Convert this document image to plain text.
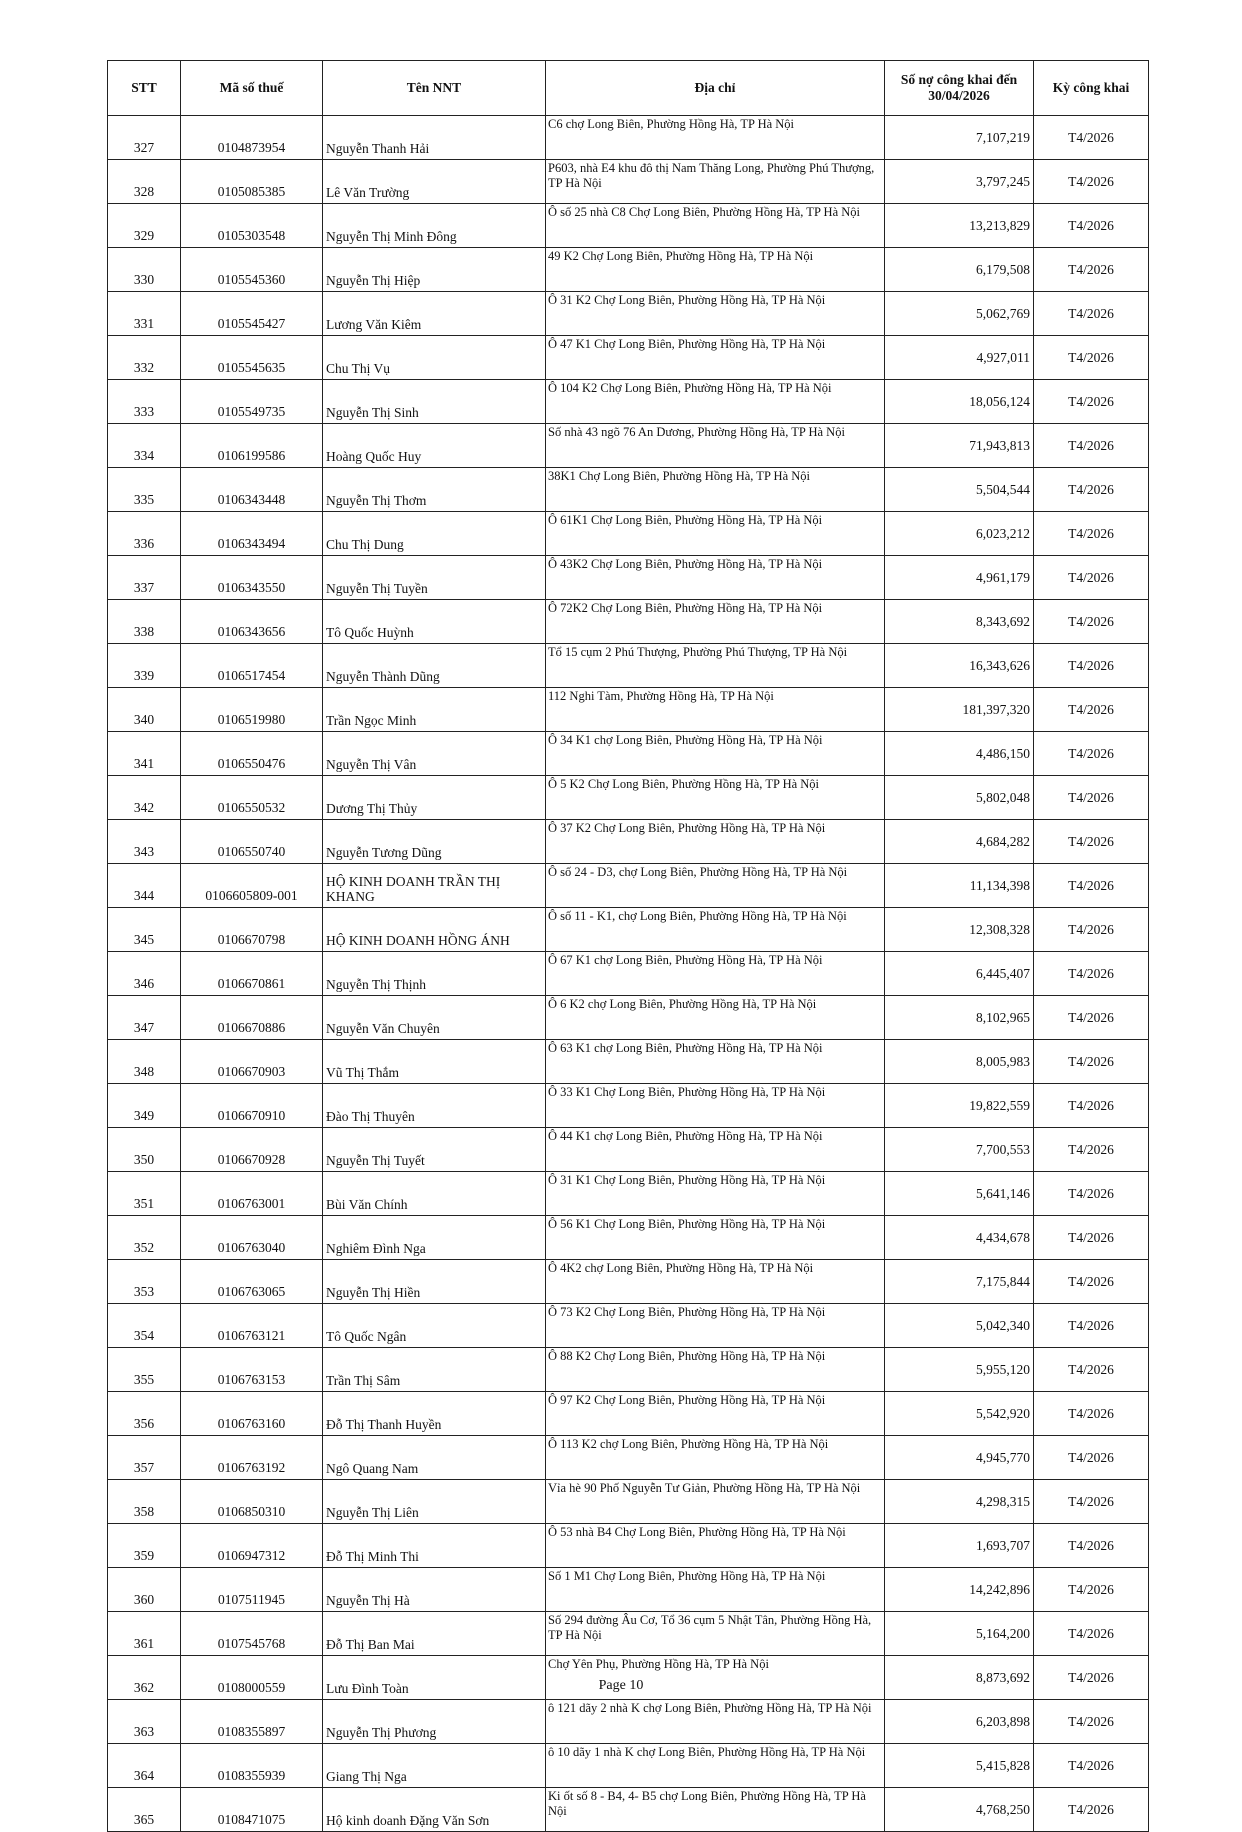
STT	Mã số thuế	Tên NNT	Địa chỉ	Số nợ công khai đến 30/04/2026	Kỳ công khai
327	0104873954	Nguyễn Thanh Hải	C6 chợ Long Biên, Phường Hồng Hà, TP Hà Nội	7,107,219	T4/2026
328	0105085385	Lê Văn Trường	P603, nhà E4 khu đô thị Nam Thăng Long, Phường Phú Thượng, TP Hà Nội	3,797,245	T4/2026
329	0105303548	Nguyễn Thị Minh Đông	Ô số 25 nhà C8 Chợ Long Biên, Phường Hồng Hà, TP Hà Nội	13,213,829	T4/2026
330	0105545360	Nguyễn Thị Hiệp	49 K2 Chợ Long Biên, Phường Hồng Hà, TP Hà Nội	6,179,508	T4/2026
331	0105545427	Lương Văn Kiêm	Ô 31 K2 Chợ Long Biên, Phường Hồng Hà, TP Hà Nội	5,062,769	T4/2026
332	0105545635	Chu Thị Vụ	Ô 47 K1 Chợ Long Biên, Phường Hồng Hà, TP Hà Nội	4,927,011	T4/2026
333	0105549735	Nguyễn Thị Sinh	Ô 104 K2 Chợ Long Biên, Phường Hồng Hà, TP Hà Nội	18,056,124	T4/2026
334	0106199586	Hoàng Quốc Huy	Số nhà 43 ngõ 76 An Dương, Phường Hồng Hà, TP Hà Nội	71,943,813	T4/2026
335	0106343448	Nguyễn Thị Thơm	38K1 Chợ Long Biên, Phường Hồng Hà, TP Hà Nội	5,504,544	T4/2026
336	0106343494	Chu Thị Dung	Ô 61K1 Chợ Long Biên, Phường Hồng Hà, TP Hà Nội	6,023,212	T4/2026
337	0106343550	Nguyễn Thị Tuyền	Ô 43K2 Chợ Long Biên, Phường Hồng Hà, TP Hà Nội	4,961,179	T4/2026
338	0106343656	Tô Quốc Huỳnh	Ô 72K2 Chợ Long Biên, Phường Hồng Hà, TP Hà Nội	8,343,692	T4/2026
339	0106517454	Nguyễn Thành Dũng	Tổ 15 cụm 2 Phú Thượng, Phường Phú Thượng, TP Hà Nội	16,343,626	T4/2026
340	0106519980	Trần Ngọc Minh	112 Nghi Tàm, Phường Hồng Hà, TP Hà Nội	181,397,320	T4/2026
341	0106550476	Nguyễn Thị Vân	Ô 34 K1 chợ Long Biên, Phường Hồng Hà, TP Hà Nội	4,486,150	T4/2026
342	0106550532	Dương Thị Thủy	Ô 5 K2 Chợ Long Biên, Phường Hồng Hà, TP Hà Nội	5,802,048	T4/2026
343	0106550740	Nguyễn Tương Dũng	Ô 37 K2 Chợ Long Biên, Phường Hồng Hà, TP Hà Nội	4,684,282	T4/2026
344	0106605809-001	HỘ KINH DOANH TRẦN THỊ KHANG	Ô số 24 - D3, chợ Long Biên, Phường Hồng Hà, TP Hà Nội	11,134,398	T4/2026
345	0106670798	HỘ KINH DOANH HỒNG ÁNH	Ô số 11 - K1, chợ Long Biên, Phường Hồng Hà, TP Hà Nội	12,308,328	T4/2026
346	0106670861	Nguyễn Thị Thịnh	Ô 67 K1 chợ Long Biên, Phường Hồng Hà, TP Hà Nội	6,445,407	T4/2026
347	0106670886	Nguyễn Văn Chuyên	Ô 6 K2 chợ Long Biên, Phường Hồng Hà, TP Hà Nội	8,102,965	T4/2026
348	0106670903	Vũ Thị Thắm	Ô 63 K1 chợ Long Biên, Phường Hồng Hà, TP Hà Nội	8,005,983	T4/2026
349	0106670910	Đào Thị Thuyên	Ô 33 K1 Chợ Long Biên, Phường Hồng Hà, TP Hà Nội	19,822,559	T4/2026
350	0106670928	Nguyễn Thị Tuyết	Ô 44 K1 chợ Long Biên, Phường Hồng Hà, TP Hà Nội	7,700,553	T4/2026
351	0106763001	Bùi Văn Chính	Ô 31 K1 Chợ Long Biên, Phường Hồng Hà, TP Hà Nội	5,641,146	T4/2026
352	0106763040	Nghiêm Đình Nga	Ô 56 K1 Chợ Long Biên, Phường Hồng Hà, TP Hà Nội	4,434,678	T4/2026
353	0106763065	Nguyễn Thị Hiền	Ô 4K2 chợ Long Biên, Phường Hồng Hà, TP Hà Nội	7,175,844	T4/2026
354	0106763121	Tô Quốc Ngân	Ô 73 K2 Chợ Long Biên, Phường Hồng Hà, TP Hà Nội	5,042,340	T4/2026
355	0106763153	Trần Thị Sâm	Ô 88 K2 Chợ Long Biên, Phường Hồng Hà, TP Hà Nội	5,955,120	T4/2026
356	0106763160	Đỗ Thị Thanh Huyền	Ô 97 K2 Chợ Long Biên, Phường Hồng Hà, TP Hà Nội	5,542,920	T4/2026
357	0106763192	Ngô Quang Nam	Ô 113 K2 chợ Long Biên, Phường Hồng Hà, TP Hà Nội	4,945,770	T4/2026
358	0106850310	Nguyễn Thị Liên	Vỉa hè 90 Phố Nguyễn Tư Giản, Phường Hồng Hà, TP Hà Nội	4,298,315	T4/2026
359	0106947312	Đỗ Thị Minh Thi	Ô 53 nhà B4 Chợ Long Biên, Phường Hồng Hà, TP Hà Nội	1,693,707	T4/2026
360	0107511945	Nguyễn Thị Hà	Số 1 M1 Chợ Long Biên, Phường Hồng Hà, TP Hà Nội	14,242,896	T4/2026
361	0107545768	Đỗ Thị Ban Mai	Số 294 đường Âu Cơ, Tổ 36 cụm 5 Nhật Tân, Phường Hồng Hà, TP Hà Nội	5,164,200	T4/2026
362	0108000559	Lưu Đình Toàn	Chợ Yên Phụ, Phường Hồng Hà, TP Hà Nội	8,873,692	T4/2026
363	0108355897	Nguyễn Thị Phương	ô 121 dãy 2 nhà K chợ Long Biên, Phường Hồng Hà, TP Hà Nội	6,203,898	T4/2026
364	0108355939	Giang Thị Nga	ô 10 dãy 1 nhà K chợ Long Biên, Phường Hồng Hà, TP Hà Nội	5,415,828	T4/2026
365	0108471075	Hộ kinh doanh Đặng Văn Sơn	Ki ốt số 8 - B4, 4- B5 chợ Long Biên, Phường Hồng Hà, TP Hà Nội	4,768,250	T4/2026
Page 10
